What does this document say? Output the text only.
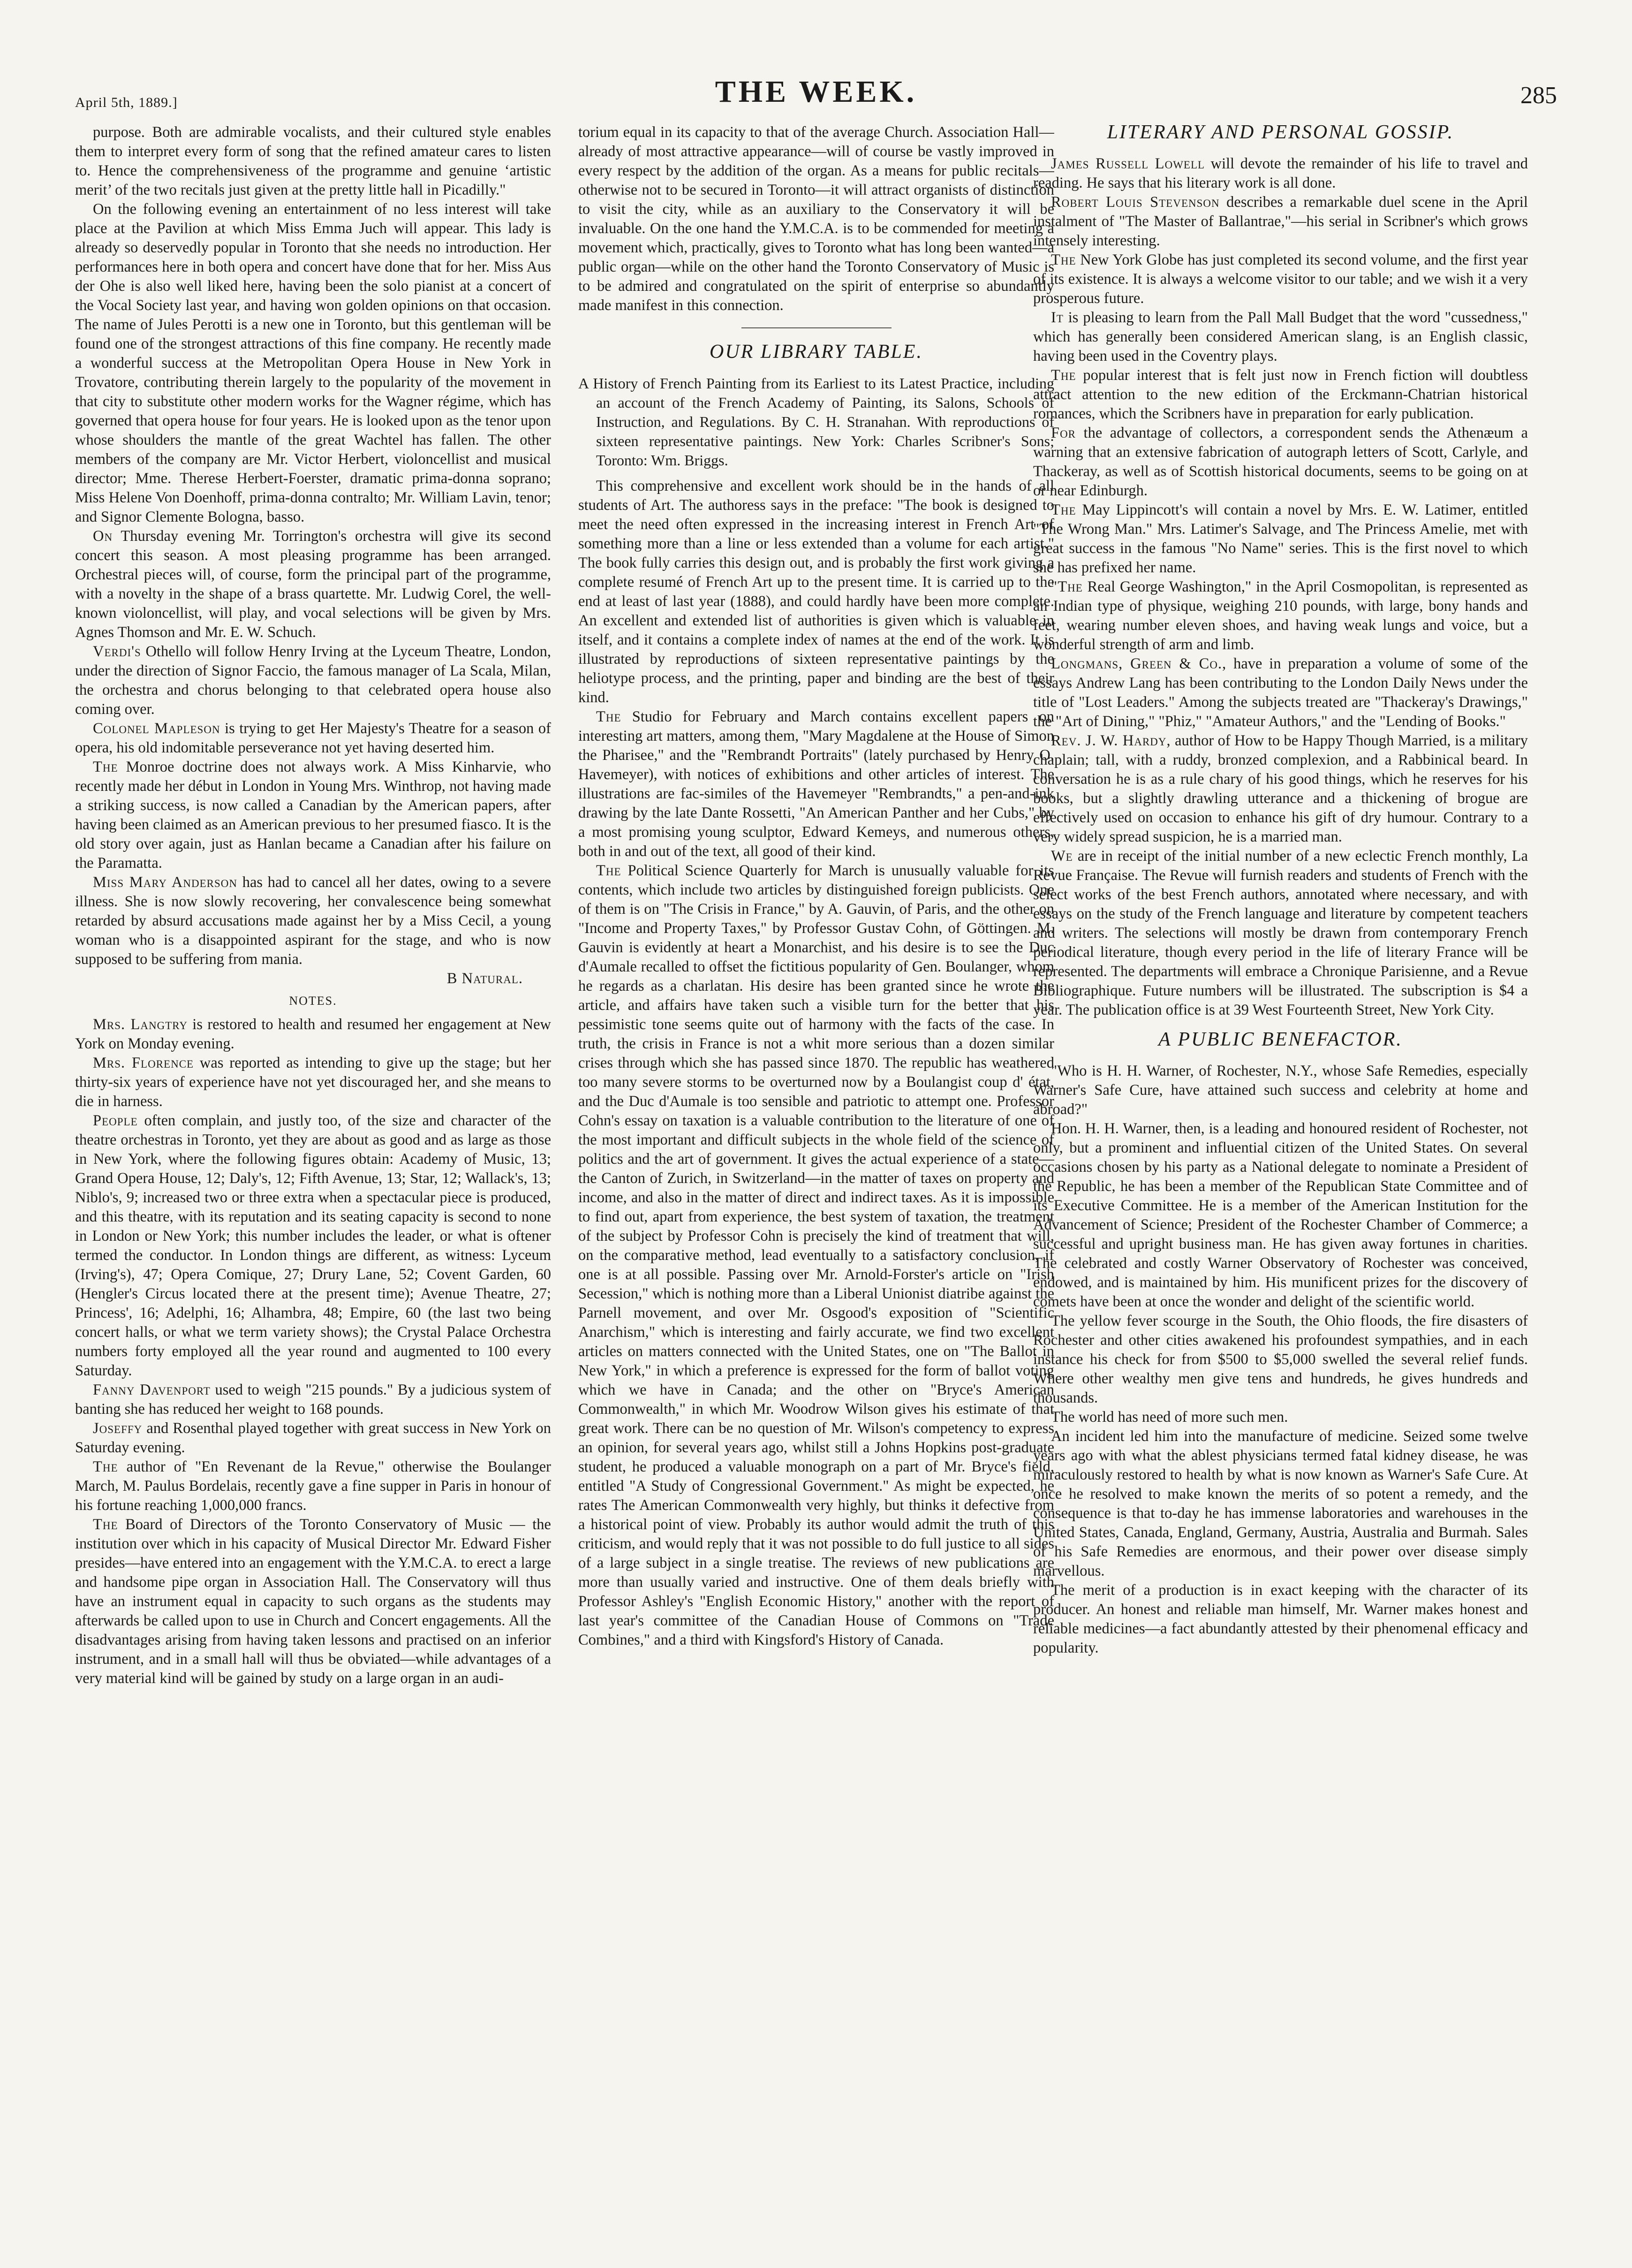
April 5th, 1889.]	THE WEEK.	285

purpose. Both are admirable vocalists, and their cultured style enables them to interpret every form of song that the refined amateur cares to listen to. Hence the comprehensiveness of the programme and genuine ‘artistic merit’ of the two recitals just given at the pretty little hall in Picadilly."

On the following evening an entertainment of no less interest will take place at the Pavilion at which Miss Emma Juch will appear. This lady is already so deservedly popular in Toronto that she needs no introduction. Her performances here in both opera and concert have done that for her. Miss Aus der Ohe is also well liked here, having been the solo pianist at a concert of the Vocal Society last year, and having won golden opinions on that occasion. The name of Jules Perotti is a new one in Toronto, but this gentleman will be found one of the strongest attractions of this fine company. He recently made a wonderful success at the Metropolitan Opera House in New York in Trovatore, contributing therein largely to the popularity of the movement in that city to substitute other modern works for the Wagner régime, which has governed that opera house for four years. He is looked upon as the tenor upon whose shoulders the mantle of the great Wachtel has fallen. The other members of the company are Mr. Victor Herbert, violoncellist and musical director; Mme. Therese Herbert-Foerster, dramatic prima-donna soprano; Miss Helene Von Doenhoff, prima-donna contralto; Mr. William Lavin, tenor; and Signor Clemente Bologna, basso.

On Thursday evening Mr. Torrington's orchestra will give its second concert this season. A most pleasing programme has been arranged. Orchestral pieces will, of course, form the principal part of the programme, with a novelty in the shape of a brass quartette. Mr. Ludwig Corel, the well-known violoncellist, will play, and vocal selections will be given by Mrs. Agnes Thomson and Mr. E. W. Schuch.

Verdi's Othello will follow Henry Irving at the Lyceum Theatre, London, under the direction of Signor Faccio, the famous manager of La Scala, Milan, the orchestra and chorus belonging to that celebrated opera house also coming over.

Colonel Mapleson is trying to get Her Majesty's Theatre for a season of opera, his old indomitable perseverance not yet having deserted him.

The Monroe doctrine does not always work. A Miss Kinharvie, who recently made her début in London in Young Mrs. Winthrop, not having made a striking success, is now called a Canadian by the American papers, after having been claimed as an American previous to her presumed fiasco. It is the old story over again, just as Hanlan became a Canadian after his failure on the Paramatta.

Miss Mary Anderson has had to cancel all her dates, owing to a severe illness. She is now slowly recovering, her convalescence being somewhat retarded by absurd accusations made against her by a Miss Cecil, a young woman who is a disappointed aspirant for the stage, and who is now supposed to be suffering from mania.

B Natural.

NOTES.

Mrs. Langtry is restored to health and resumed her engagement at New York on Monday evening.

Mrs. Florence was reported as intending to give up the stage; but her thirty-six years of experience have not yet discouraged her, and she means to die in harness.

People often complain, and justly too, of the size and character of the theatre orchestras in Toronto, yet they are about as good and as large as those in New York, where the following figures obtain: Academy of Music, 13; Grand Opera House, 12; Daly's, 12; Fifth Avenue, 13; Star, 12; Wallack's, 13; Niblo's, 9; increased two or three extra when a spectacular piece is produced, and this theatre, with its reputation and its seating capacity is second to none in London or New York; this number includes the leader, or what is oftener termed the conductor. In London things are different, as witness: Lyceum (Irving's), 47; Opera Comique, 27; Drury Lane, 52; Covent Garden, 60 (Hengler's Circus located there at the present time); Avenue Theatre, 27; Princess', 16; Adelphi, 16; Alhambra, 48; Empire, 60 (the last two being concert halls, or what we term variety shows); the Crystal Palace Orchestra numbers forty employed all the year round and augmented to 100 every Saturday.

Fanny Davenport used to weigh "215 pounds." By a judicious system of banting she has reduced her weight to 168 pounds.

Joseffy and Rosenthal played together with great success in New York on Saturday evening.

The author of "En Revenant de la Revue," otherwise the Boulanger March, M. Paulus Bordelais, recently gave a fine supper in Paris in honour of his fortune reaching 1,000,000 francs.

The Board of Directors of the Toronto Conservatory of Music — the institution over which in his capacity of Musical Director Mr. Edward Fisher presides—have entered into an engagement with the Y.M.C.A. to erect a large and handsome pipe organ in Association Hall. The Conservatory will thus have an instrument equal in capacity to such organs as the students may afterwards be called upon to use in Church and Concert engagements. All the disadvantages arising from having taken lessons and practised on an inferior instrument, and in a small hall will thus be obviated—while advantages of a very material kind will be gained by study on a large organ in an audi-

torium equal in its capacity to that of the average Church. Association Hall—already of most attractive appearance—will of course be vastly improved in every respect by the addition of the organ. As a means for public recitals—otherwise not to be secured in Toronto—it will attract organists of distinction to visit the city, while as an auxiliary to the Conservatory it will be invaluable. On the one hand the Y.M.C.A. is to be commended for meeting a movement which, practically, gives to Toronto what has long been wanted—a public organ—while on the other hand the Toronto Conservatory of Music is to be admired and congratulated on the spirit of enterprise so abundantly made manifest in this connection.

OUR LIBRARY TABLE.

A History of French Painting from its Earliest to its Latest Practice, including an account of the French Academy of Painting, its Salons, Schools of Instruction, and Regulations. By C. H. Stranahan. With reproductions of sixteen representative paintings. New York: Charles Scribner's Sons; Toronto: Wm. Briggs.

This comprehensive and excellent work should be in the hands of all students of Art. The authoress says in the preface: "The book is designed to meet the need often expressed in the increasing interest in French Art of something more than a line or less extended than a volume for each artist." The book fully carries this design out, and is probably the first work giving a complete resumé of French Art up to the present time. It is carried up to the end at least of last year (1888), and could hardly have been more complete. An excellent and extended list of authorities is given which is valuable in itself, and it contains a complete index of names at the end of the work. It is illustrated by reproductions of sixteen representative paintings by the heliotype process, and the printing, paper and binding are the best of their kind.

The Studio for February and March contains excellent papers on interesting art matters, among them, "Mary Magdalene at the House of Simon the Pharisee," and the "Rembrandt Portraits" (lately purchased by Henry O. Havemeyer), with notices of exhibitions and other articles of interest. The illustrations are fac-similes of the Havemeyer "Rembrandts," a pen-and-ink drawing by the late Dante Rossetti, "An American Panther and her Cubs," by a most promising young sculptor, Edward Kemeys, and numerous others, both in and out of the text, all good of their kind.

The Political Science Quarterly for March is unusually valuable for its contents, which include two articles by distinguished foreign publicists. One of them is on "The Crisis in France," by A. Gauvin, of Paris, and the other on "Income and Property Taxes," by Professor Gustav Cohn, of Göttingen. M. Gauvin is evidently at heart a Monarchist, and his desire is to see the Duc d'Aumale recalled to offset the fictitious popularity of Gen. Boulanger, whom he regards as a charlatan. His desire has been granted since he wrote the article, and affairs have taken such a visible turn for the better that his pessimistic tone seems quite out of harmony with the facts of the case. In truth, the crisis in France is not a whit more serious than a dozen similar crises through which she has passed since 1870. The republic has weathered too many severe storms to be overturned now by a Boulangist coup d' état, and the Duc d'Aumale is too sensible and patriotic to attempt one. Professor Cohn's essay on taxation is a valuable contribution to the literature of one of the most important and difficult subjects in the whole field of the science of politics and the art of government. It gives the actual experience of a state—the Canton of Zurich, in Switzerland—in the matter of taxes on property and income, and also in the matter of direct and indirect taxes. As it is impossible to find out, apart from experience, the best system of taxation, the treatment of the subject by Professor Cohn is precisely the kind of treatment that will, on the comparative method, lead eventually to a satisfactory conclusion, if one is at all possible. Passing over Mr. Arnold-Forster's article on "Irish Secession," which is nothing more than a Liberal Unionist diatribe against the Parnell movement, and over Mr. Osgood's exposition of "Scientific Anarchism," which is interesting and fairly accurate, we find two excellent articles on matters connected with the United States, one on "The Ballot in New York," in which a preference is expressed for the form of ballot voting which we have in Canada; and the other on "Bryce's American Commonwealth," in which Mr. Woodrow Wilson gives his estimate of that great work. There can be no question of Mr. Wilson's competency to express an opinion, for several years ago, whilst still a Johns Hopkins post-graduate student, he produced a valuable monograph on a part of Mr. Bryce's field, entitled "A Study of Congressional Government." As might be expected, he rates The American Commonwealth very highly, but thinks it defective from a historical point of view. Probably its author would admit the truth of this criticism, and would reply that it was not possible to do full justice to all sides of a large subject in a single treatise. The reviews of new publications are more than usually varied and instructive. One of them deals briefly with Professor Ashley's "English Economic History," another with the report of last year's committee of the Canadian House of Commons on "Trade Combines," and a third with Kingsford's History of Canada.

LITERARY AND PERSONAL GOSSIP.

James Russell Lowell will devote the remainder of his life to travel and reading. He says that his literary work is all done.

Robert Louis Stevenson describes a remarkable duel scene in the April instalment of "The Master of Ballantrae,"—his serial in Scribner's which grows intensely interesting.

The New York Globe has just completed its second volume, and the first year of its existence. It is always a welcome visitor to our table; and we wish it a very prosperous future.

It is pleasing to learn from the Pall Mall Budget that the word "cussedness," which has generally been considered American slang, is an English classic, having been used in the Coventry plays.

The popular interest that is felt just now in French fiction will doubtless attract attention to the new edition of the Erckmann-Chatrian historical romances, which the Scribners have in preparation for early publication.

For the advantage of collectors, a correspondent sends the Athenæum a warning that an extensive fabrication of autograph letters of Scott, Carlyle, and Thackeray, as well as of Scottish historical documents, seems to be going on at or near Edinburgh.

The May Lippincott's will contain a novel by Mrs. E. W. Latimer, entitled "The Wrong Man." Mrs. Latimer's Salvage, and The Princess Amelie, met with great success in the famous "No Name" series. This is the first novel to which she has prefixed her name.

"The Real George Washington," in the April Cosmopolitan, is represented as an Indian type of physique, weighing 210 pounds, with large, bony hands and feet, wearing number eleven shoes, and having weak lungs and voice, but a wonderful strength of arm and limb.

Longmans, Green & Co., have in preparation a volume of some of the essays Andrew Lang has been contributing to the London Daily News under the title of "Lost Leaders." Among the subjects treated are "Thackeray's Drawings," the "Art of Dining," "Phiz," "Amateur Authors," and the "Lending of Books."

Rev. J. W. Hardy, author of How to be Happy Though Married, is a military chaplain; tall, with a ruddy, bronzed complexion, and a Rabbinical beard. In conversation he is as a rule chary of his good things, which he reserves for his books, but a slightly drawling utterance and a thickening of brogue are effectively used on occasion to enhance his gift of dry humour. Contrary to a very widely spread suspicion, he is a married man.

We are in receipt of the initial number of a new eclectic French monthly, La Revue Française. The Revue will furnish readers and students of French with the select works of the best French authors, annotated where necessary, and with essays on the study of the French language and literature by competent teachers and writers. The selections will mostly be drawn from contemporary French periodical literature, though every period in the life of literary France will be represented. The departments will embrace a Chronique Parisienne, and a Revue Bibliographique. Future numbers will be illustrated. The subscription is $4 a year. The publication office is at 39 West Fourteenth Street, New York City.

A PUBLIC BENEFACTOR.

"Who is H. H. Warner, of Rochester, N.Y., whose Safe Remedies, especially Warner's Safe Cure, have attained such success and celebrity at home and abroad?"

Hon. H. H. Warner, then, is a leading and honoured resident of Rochester, not only, but a prominent and influential citizen of the United States. On several occasions chosen by his party as a National delegate to nominate a President of the Republic, he has been a member of the Republican State Committee and of its Executive Committee. He is a member of the American Institution for the Advancement of Science; President of the Rochester Chamber of Commerce; a successful and upright business man. He has given away fortunes in charities. The celebrated and costly Warner Observatory of Rochester was conceived, endowed, and is maintained by him. His munificent prizes for the discovery of comets have been at once the wonder and delight of the scientific world.

The yellow fever scourge in the South, the Ohio floods, the fire disasters of Rochester and other cities awakened his profoundest sympathies, and in each instance his check for from $500 to $5,000 swelled the several relief funds. Where other wealthy men give tens and hundreds, he gives hundreds and thousands.

The world has need of more such men.

An incident led him into the manufacture of medicine. Seized some twelve years ago with what the ablest physicians termed fatal kidney disease, he was miraculously restored to health by what is now known as Warner's Safe Cure. At once he resolved to make known the merits of so potent a remedy, and the consequence is that to-day he has immense laboratories and warehouses in the United States, Canada, England, Germany, Austria, Australia and Burmah. Sales of his Safe Remedies are enormous, and their power over disease simply marvellous.

The merit of a production is in exact keeping with the character of its producer. An honest and reliable man himself, Mr. Warner makes honest and reliable medicines—a fact abundantly attested by their phenomenal efficacy and popularity.
